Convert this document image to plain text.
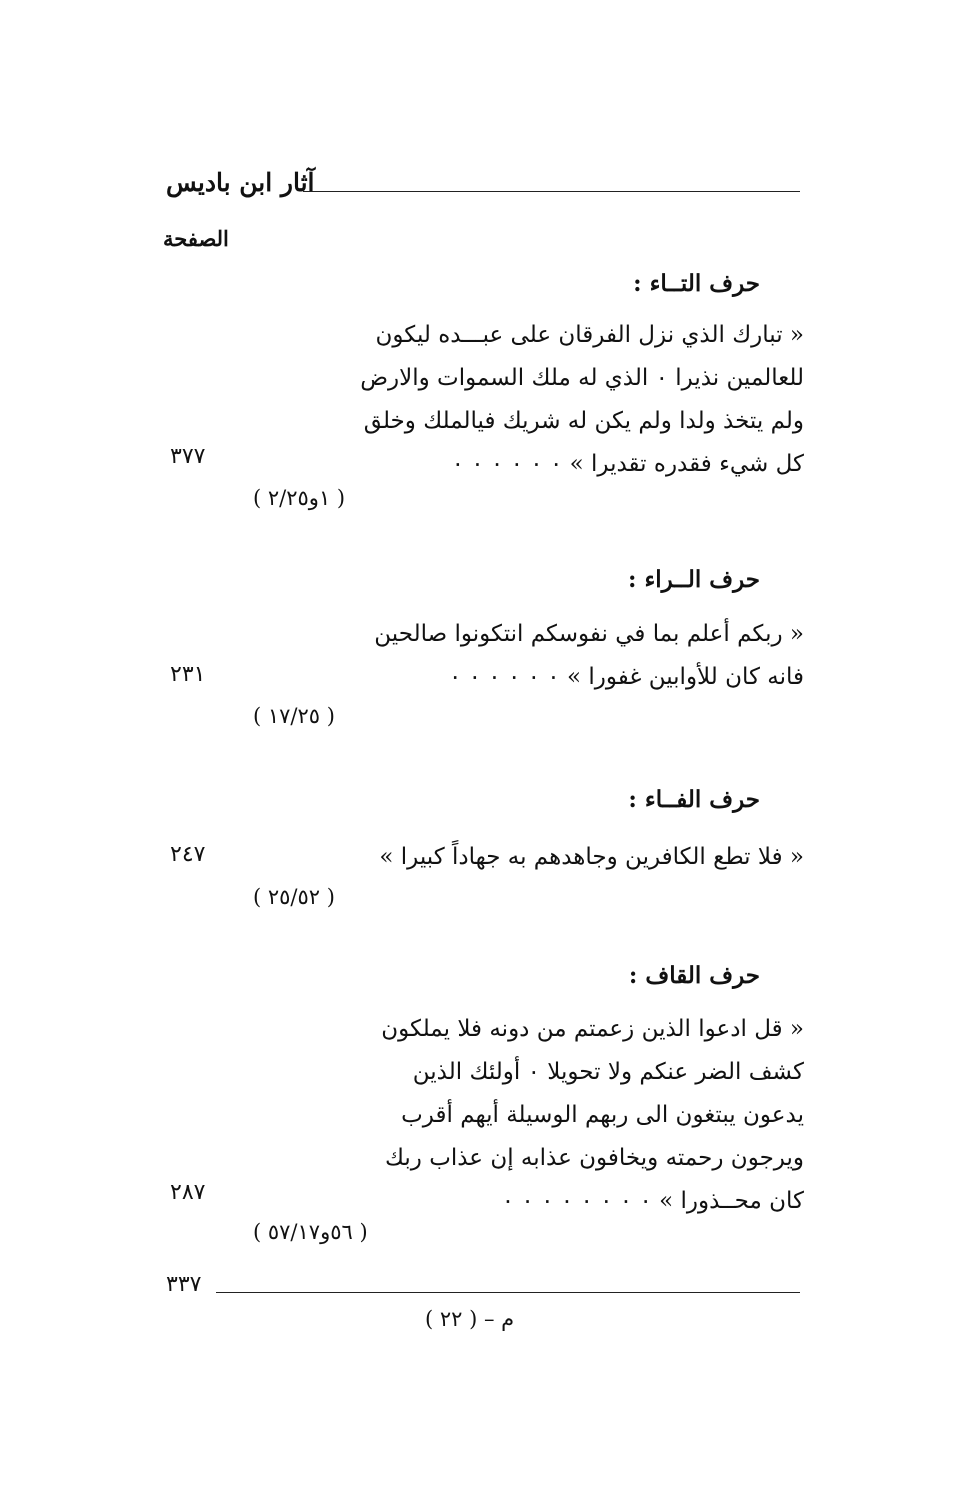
آثار ابن باديس
الصفحة
حرف التــاء :
« تبارك الذي نزل الفرقان على عبـــده ليكون
للعالمين نذيرا ٠ الذي له ملك السموات والارض
ولم يتخذ ولدا ولم يكن له شريك فيالملك وخلق
كل شيء فقدره تقديرا » ٠ ٠ ٠ ٠ ٠ ٠
٣٧٧
( ١و٢/٢٥ )
حرف الــراء :
« ربكم أعلم بما في نفوسكم انتكونوا صالحين
فانه كان للأوابين غفورا » ٠ ٠ ٠ ٠ ٠ ٠
٢٣١
( ١٧/٢٥ )
حرف الفــاء :
« فلا تطع الكافرين وجاهدهم به جهاداً كبيرا »
٢٤٧
( ٢٥/٥٢ )
حرف القاف :
« قل ادعوا الذين زعمتم من دونه فلا يملكون
كشف الضر عنكم ولا تحويلا ٠ أولئك الذين
يدعون يبتغون الى ربهم الوسيلة أيهم أقرب
ويرجون رحمته ويخافون عذابه إن عذاب ربك
كان محــذورا » ٠ ٠ ٠ ٠ ٠ ٠ ٠ ٠
٢٨٧
( ٥٦و٥٧/١٧ )
٣٣٧
م – ( ٢٢ )
